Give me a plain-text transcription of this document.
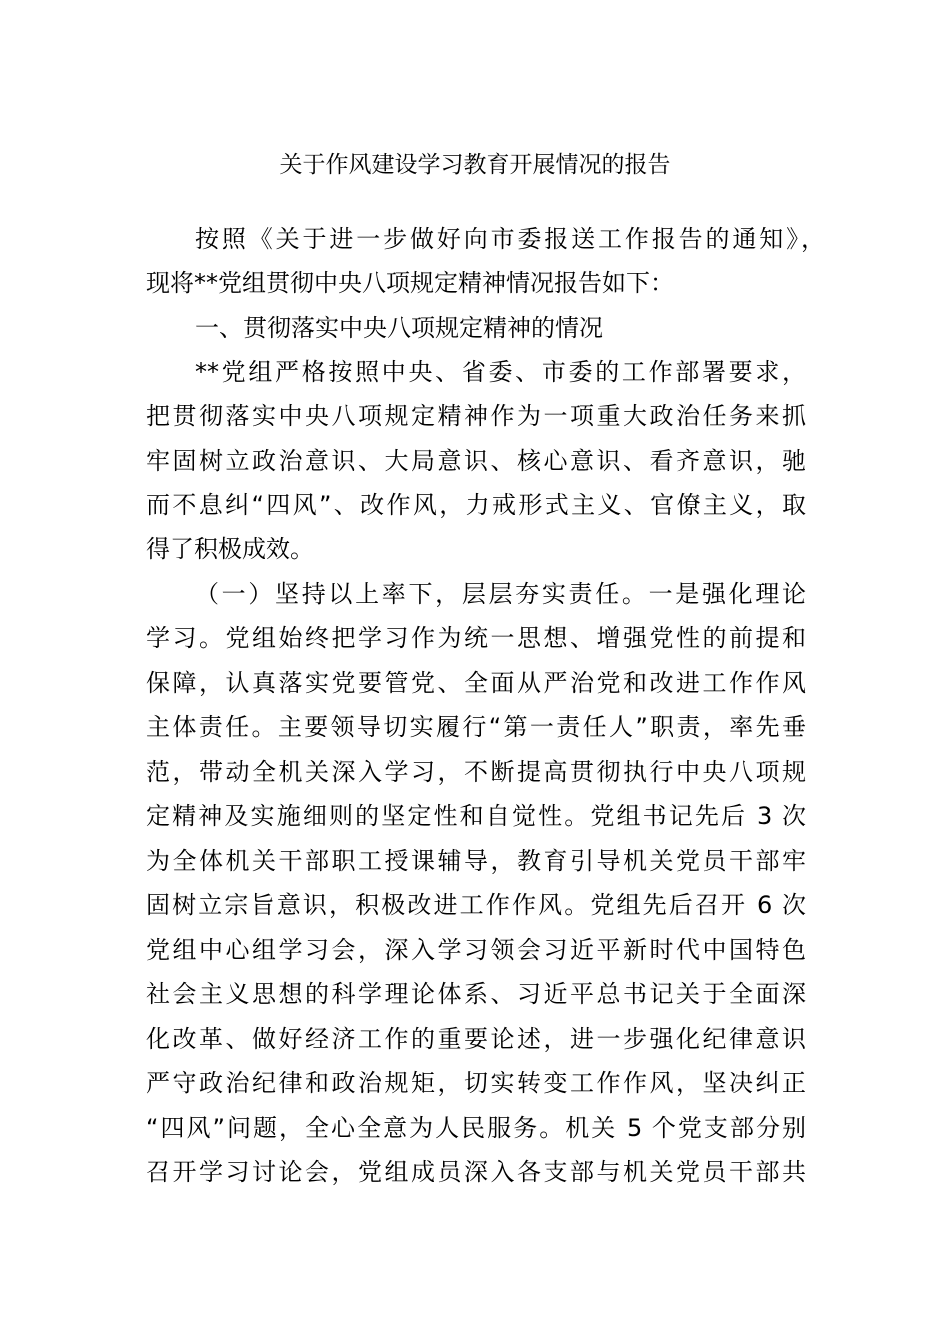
关于作风建设学习教育开展情况的报告
按照《关于进一步做好向市委报送工作报告的通知》，
现将**党组贯彻中央八项规定精神情况报告如下：
一、贯彻落实中央八项规定精神的情况
**党组严格按照中央、省委、市委的工作部署要求，
把贯彻落实中央八项规定精神作为一项重大政治任务来抓
牢固树立政治意识、大局意识、核心意识、看齐意识，驰
而不息纠“四风”、改作风，力戒形式主义、官僚主义，取
得了积极成效。
（一）坚持以上率下，层层夯实责任。一是强化理论
学习。党组始终把学习作为统一思想、增强党性的前提和
保障，认真落实党要管党、全面从严治党和改进工作作风
主体责任。主要领导切实履行“第一责任人”职责，率先垂
范，带动全机关深入学习，不断提高贯彻执行中央八项规
定精神及实施细则的坚定性和自觉性。党组书记先后 3 次
为全体机关干部职工授课辅导，教育引导机关党员干部牢
固树立宗旨意识，积极改进工作作风。党组先后召开 6 次
党组中心组学习会，深入学习领会习近平新时代中国特色
社会主义思想的科学理论体系、习近平总书记关于全面深
化改革、做好经济工作的重要论述，进一步强化纪律意识
严守政治纪律和政治规矩，切实转变工作作风，坚决纠正
“四风”问题，全心全意为人民服务。机关 5 个党支部分别
召开学习讨论会，党组成员深入各支部与机关党员干部共
